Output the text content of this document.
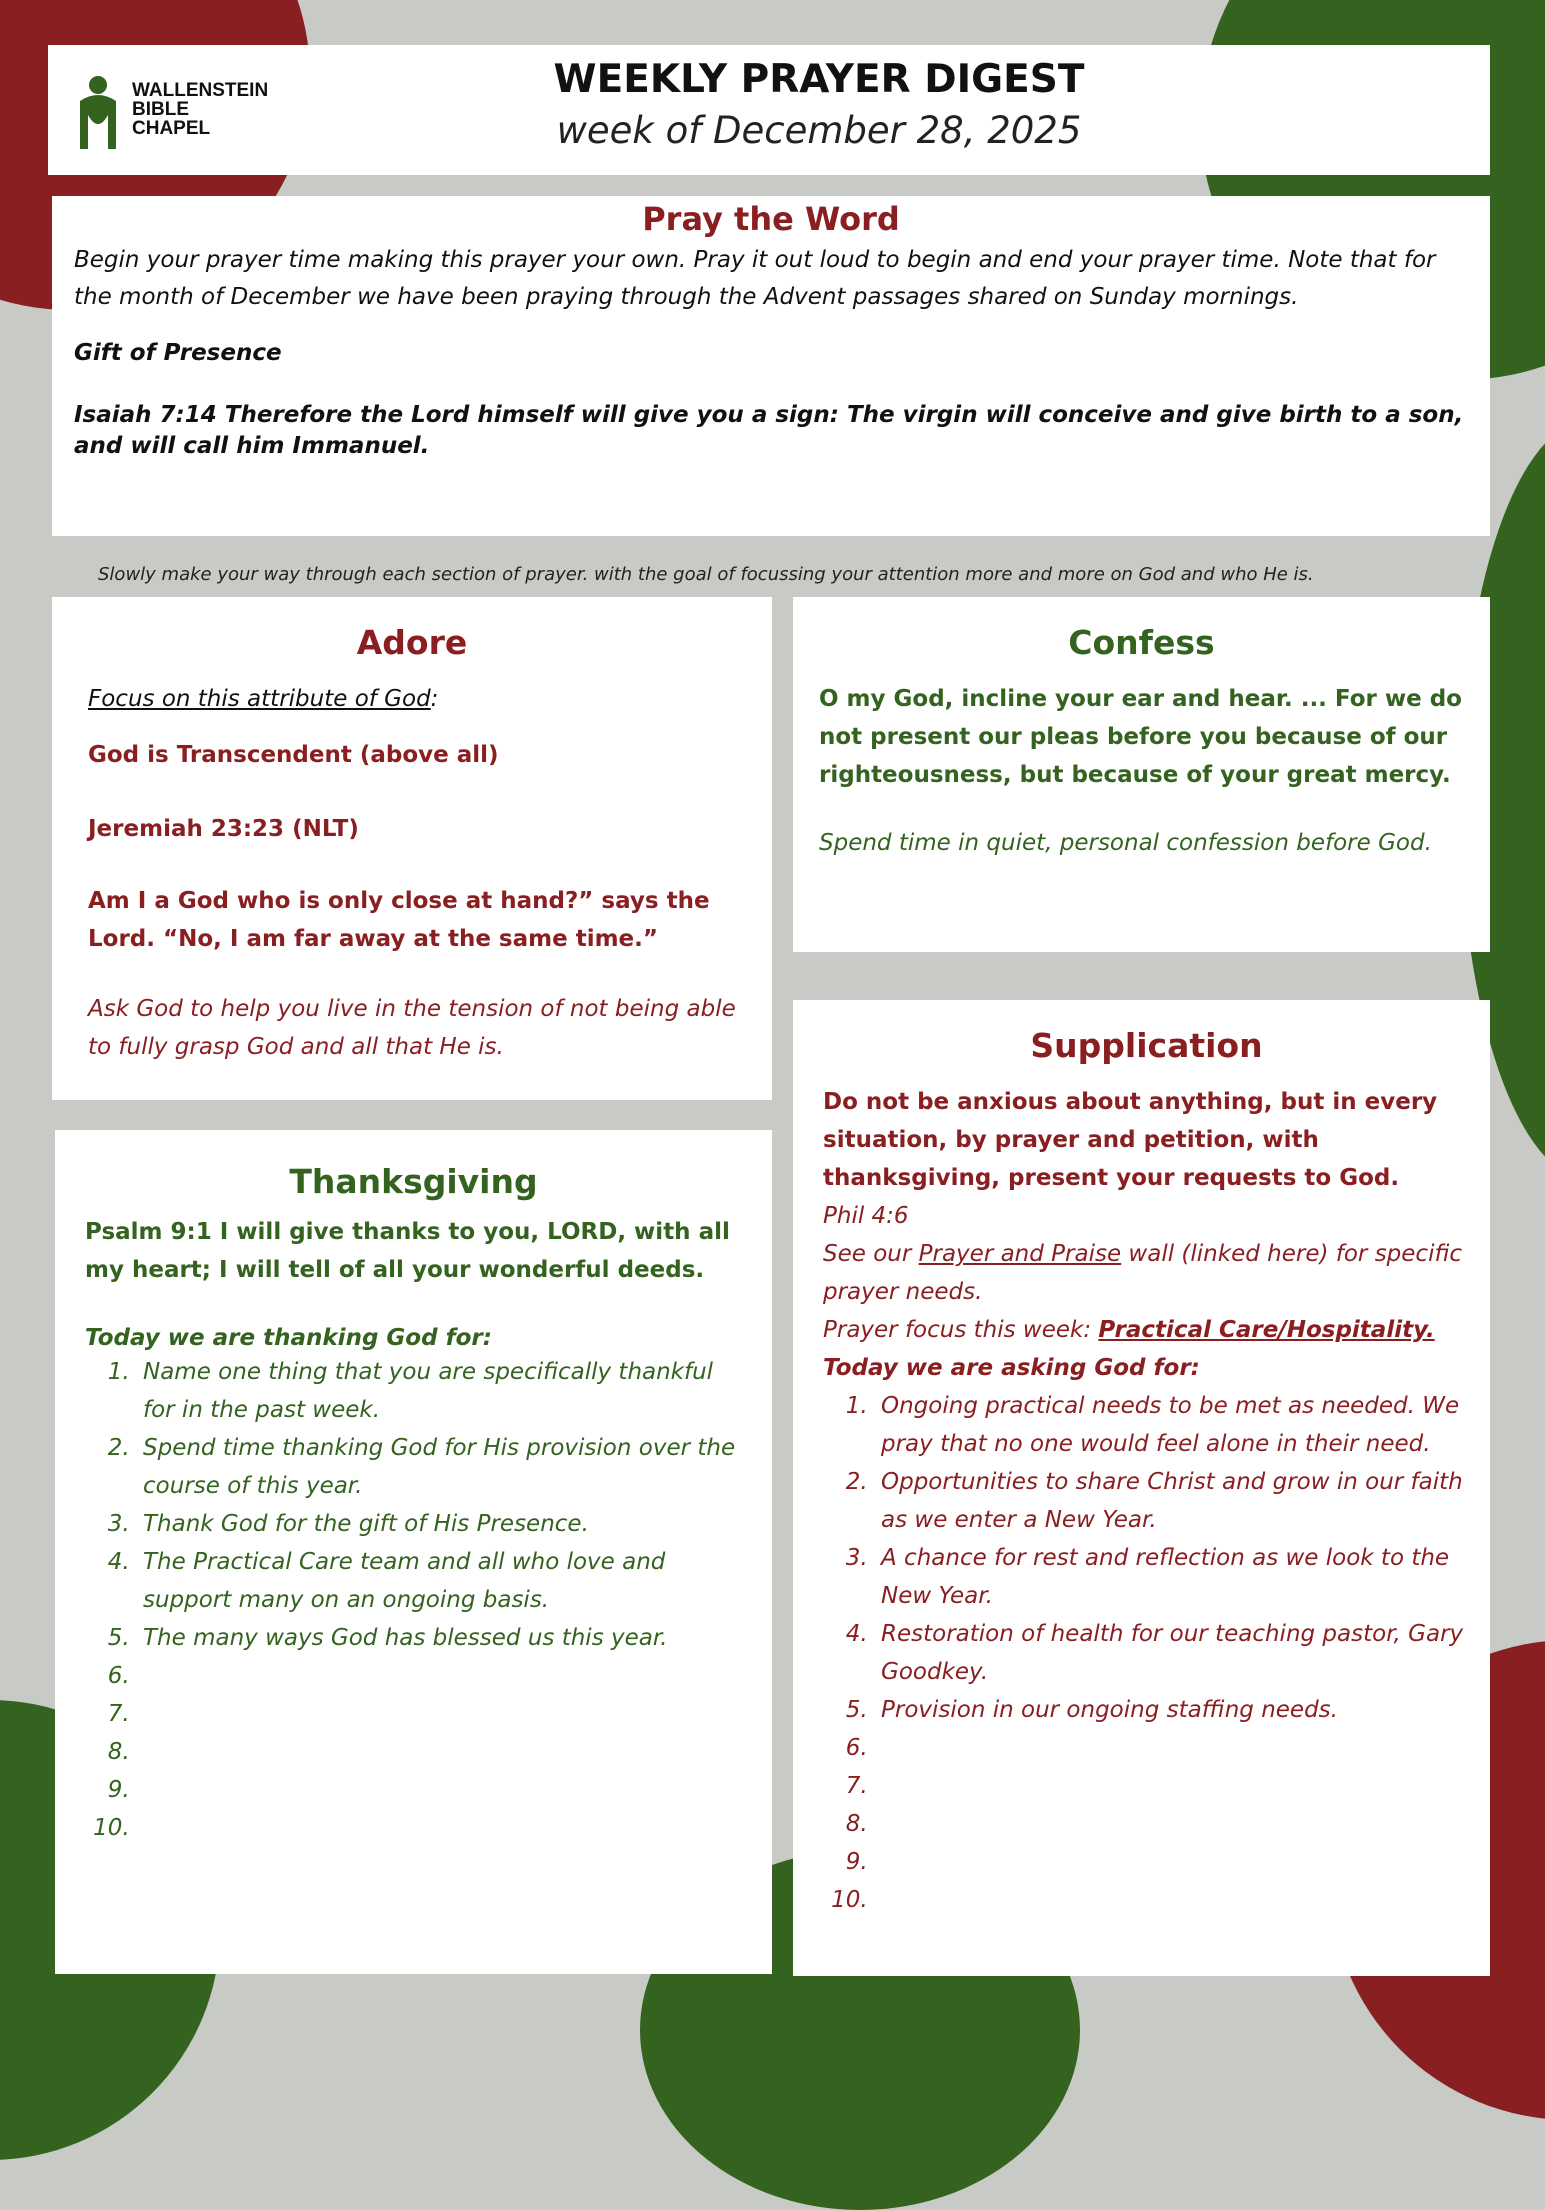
WALLENSTEIN
BIBLE
CHAPEL
WEEKLY PRAYER DIGEST
week of December 28, 2025
Pray the Word

Begin your prayer time making this prayer your own. Pray it out loud to begin and end your prayer time. Note that for the month of December we have been praying through the Advent passages shared on Sunday mornings.

Gift of Presence

Isaiah 7:14 Therefore the Lord himself will give you a sign: The virgin will conceive and give birth to a son, and will call him Immanuel.

Slowly make your way through each section of prayer. with the goal of focussing your attention more and more on God and who He is.
Adore

Focus on this attribute of God:

God is Transcendent (above all)

Jeremiah 23:23 (NLT)

Am I a God who is only close at hand?” says the Lord. “No, I am far away at the same time.”

Ask God to help you live in the tension of not being able to fully grasp God and all that He is.

Confess

O my God, incline your ear and hear. ... For we do not present our pleas before you because of our righteousness, but because of your great mercy.

Spend time in quiet, personal confession before God.

Thanksgiving

Psalm 9:1 I will give thanks to you, LORD, with all my heart; I will tell of all your wonderful deeds.

Today we are thanking God for:

1. Name one thing that you are specifically thankful for in the past week.
2. Spend time thanking God for His provision over the course of this year.
3. Thank God for the gift of His Presence.
4. The Practical Care team and all who love and support many on an ongoing basis.
5. The many ways God has blessed us this year.
6.
7.
8.
9.
10.
Supplication

Do not be anxious about anything, but in every situation, by prayer and petition, with thanksgiving, present your requests to God.

Phil 4:6

See our Prayer and Praise wall (linked here) for specific prayer needs.

Prayer focus this week: Practical Care/Hospitality.

Today we are asking God for:

1. Ongoing practical needs to be met as needed. We pray that no one would feel alone in their need.
2. Opportunities to share Christ and grow in our faith as we enter a New Year.
3. A chance for rest and reflection as we look to the New Year.
4. Restoration of health for our teaching pastor, Gary Goodkey.
5. Provision in our ongoing staffing needs.
6.
7.
8.
9.
10.
